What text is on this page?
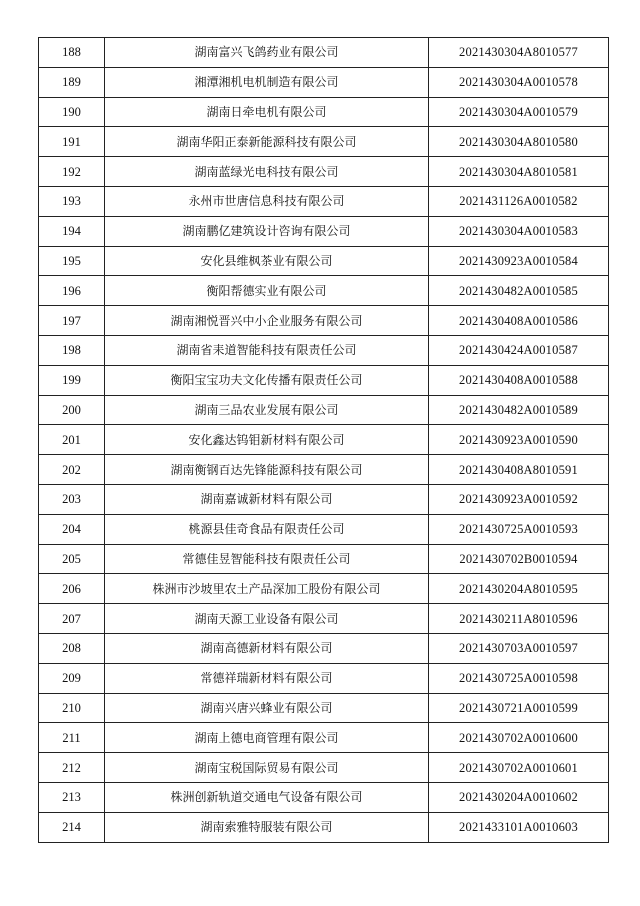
188	湖南富兴飞鸽药业有限公司	2021430304A8010577
189	湘潭湘机电机制造有限公司	2021430304A0010578
190	湖南日牵电机有限公司	2021430304A0010579
191	湖南华阳正泰新能源科技有限公司	2021430304A8010580
192	湖南蓝绿光电科技有限公司	2021430304A8010581
193	永州市世唐信息科技有限公司	2021431126A0010582
194	湖南鹏亿建筑设计咨询有限公司	2021430304A0010583
195	安化县维枫茶业有限公司	2021430923A0010584
196	衡阳帮德实业有限公司	2021430482A0010585
197	湖南湘悦晋兴中小企业服务有限公司	2021430408A0010586
198	湖南省耒道智能科技有限责任公司	2021430424A0010587
199	衡阳宝宝功夫文化传播有限责任公司	2021430408A0010588
200	湖南三品农业发展有限公司	2021430482A0010589
201	安化鑫达钨钼新材料有限公司	2021430923A0010590
202	湖南衡钢百达先锋能源科技有限公司	2021430408A8010591
203	湖南嘉诚新材料有限公司	2021430923A0010592
204	桃源县佳奇食品有限责任公司	2021430725A0010593
205	常德佳昱智能科技有限责任公司	2021430702B0010594
206	株洲市沙坡里农土产品深加工股份有限公司	2021430204A8010595
207	湖南天源工业设备有限公司	2021430211A8010596
208	湖南高德新材料有限公司	2021430703A0010597
209	常德祥瑞新材料有限公司	2021430725A0010598
210	湖南兴唐兴蜂业有限公司	2021430721A0010599
211	湖南上德电商管理有限公司	2021430702A0010600
212	湖南宝税国际贸易有限公司	2021430702A0010601
213	株洲创新轨道交通电气设备有限公司	2021430204A0010602
214	湖南索雅特服装有限公司	2021433101A0010603
